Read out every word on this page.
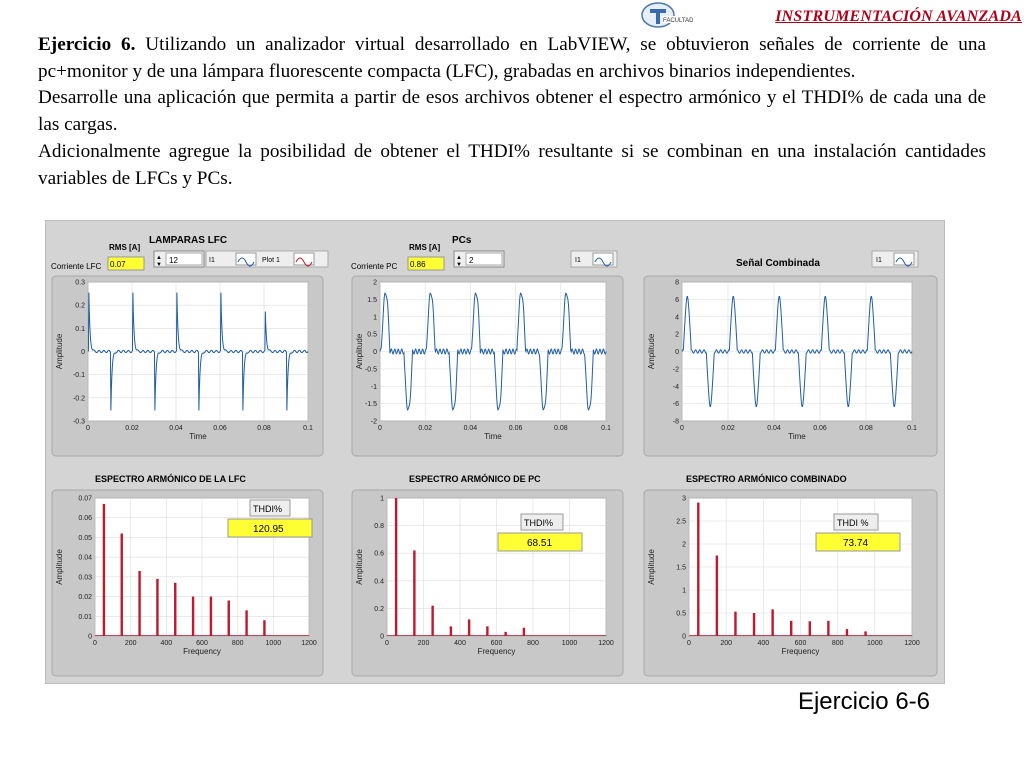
FACULTAD	INSTRUMENTACIÓN AVANZADA

Ejercicio 6. Utilizando un analizador virtual desarrollado en LabVIEW, se obtuvieron señales de corriente de una pc+monitor y de una lámpara fluorescente compacta (LFC), grabadas en archivos binarios independientes.

Desarrolle una aplicación que permita a partir de esos archivos obtener el espectro armónico y el THDI% de cada una de las cargas.

Adicionalmente agregue la posibilidad de obtener el THDI% resultante si se combinan en una instalación cantidades variables de LFCs y PCs.

Corriente LFC
RMS [A]
0.07
LAMPARAS LFC
▲
▼ 12	I1	Plot 1
Corriente PC
RMS [A]
0.86
PCs
▲
▼ 2	I1	Señal Combinada	I1
ESPECTRO ARMÓNICO DE LA LFC	ESPECTRO ARMÓNICO DE PC	ESPECTRO ARMÓNICO COMBINADO
0	0.02	0.04	0.06	0.08	0.1
0.3
0.2
0.1
0
-0.1
-0.2
-0.3
Time
Amplitude
0	0.02	0.04	0.06	0.08	0.1
2
1.5
1
0.5
0
-0.5
-1
-1.5
-2
Time
Amplitude
0	0.02	0.04	0.06	0.08	0.1
8
6
4
2
0
-2
-4
-6
-8
Time
Amplitude
0	200	400	600	800	1000	1200
0.07
0.06
0.05
0.04
0.03
0.02
0.01
0
Frequency
Amplitude
0	200	400	600	800	1000	1200
1
0.8
0.6
0.4
0.2
0
Frequency
Amplitude
0	200	400	600	800	1000	1200
3
2.5
2
1.5
1
0.5
0
Frequency
Amplitude
THDI%
120.95
THDI%
68.51
THDI %
73.74
Ejercicio 6-6
